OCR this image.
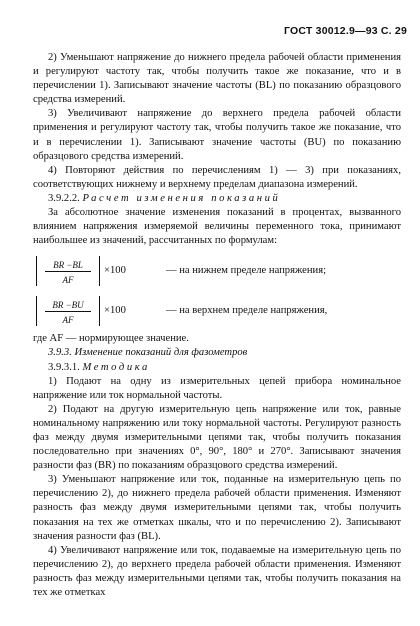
ГОСТ 30012.9—93 С. 29

2) Уменьшают напряжение до нижнего предела рабочей области применения и регулируют частоту так, чтобы получить такое же показание, что и в перечислении 1). Записывают значение частоты (BL) по показанию образцового средства измерений.

3) Увеличивают напряжение до верхнего предела рабочей области применения и регулируют частоту так, чтобы получить такое же показание, что и в перечислении 1). Записывают значение частоты (BU) по показанию образцового средства измерений.

4) Повторяют действия по перечислениям 1) — 3) при показаниях, соответствующих нижнему и верхнему пределам диапазона измерений.

3.9.2.2. Расчет изменения показаний

За абсолютное значение изменения показаний в процентах, вызванного влиянием напряжения измеряемой величины переменного тока, принимают наибольшее из значений, рассчитанных по формулам:

BR −BL
AF
×100	— на нижнем пределе напряжения;
BR −BU
AF
×100	— на верхнем пределе напряжения,

где AF — нормирующее значение.

3.9.3. Изменение показаний для фазометров

3.9.3.1. Методика

1) Подают на одну из измерительных цепей прибора номинальное напряжение или ток нормальной частоты.

2) Подают на другую измерительную цепь напряжение или ток, равные номинальному напряжению или току нормальной частоты. Регулируют разность фаз между двумя измерительными цепями так, чтобы получить показания последовательно при значениях 0°, 90°, 180° и 270°. Записывают значения разности фаз (BR) по показаниям образцового средства измерений.

3) Уменьшают напряжение или ток, поданные на измерительную цепь по перечислению 2), до нижнего предела рабочей области применения. Изменяют разность фаз между двумя измерительными цепями так, чтобы получить показания на тех же отметках шкалы, что и по перечислению 2). Записывают значения разности фаз (BL).

4) Увеличивают напряжение или ток, подаваемые на измерительную цепь по перечислению 2), до верхнего предела рабочей области применения. Изменяют разность фаз между измерительными цепями так, чтобы получить показания на тех же отметках
